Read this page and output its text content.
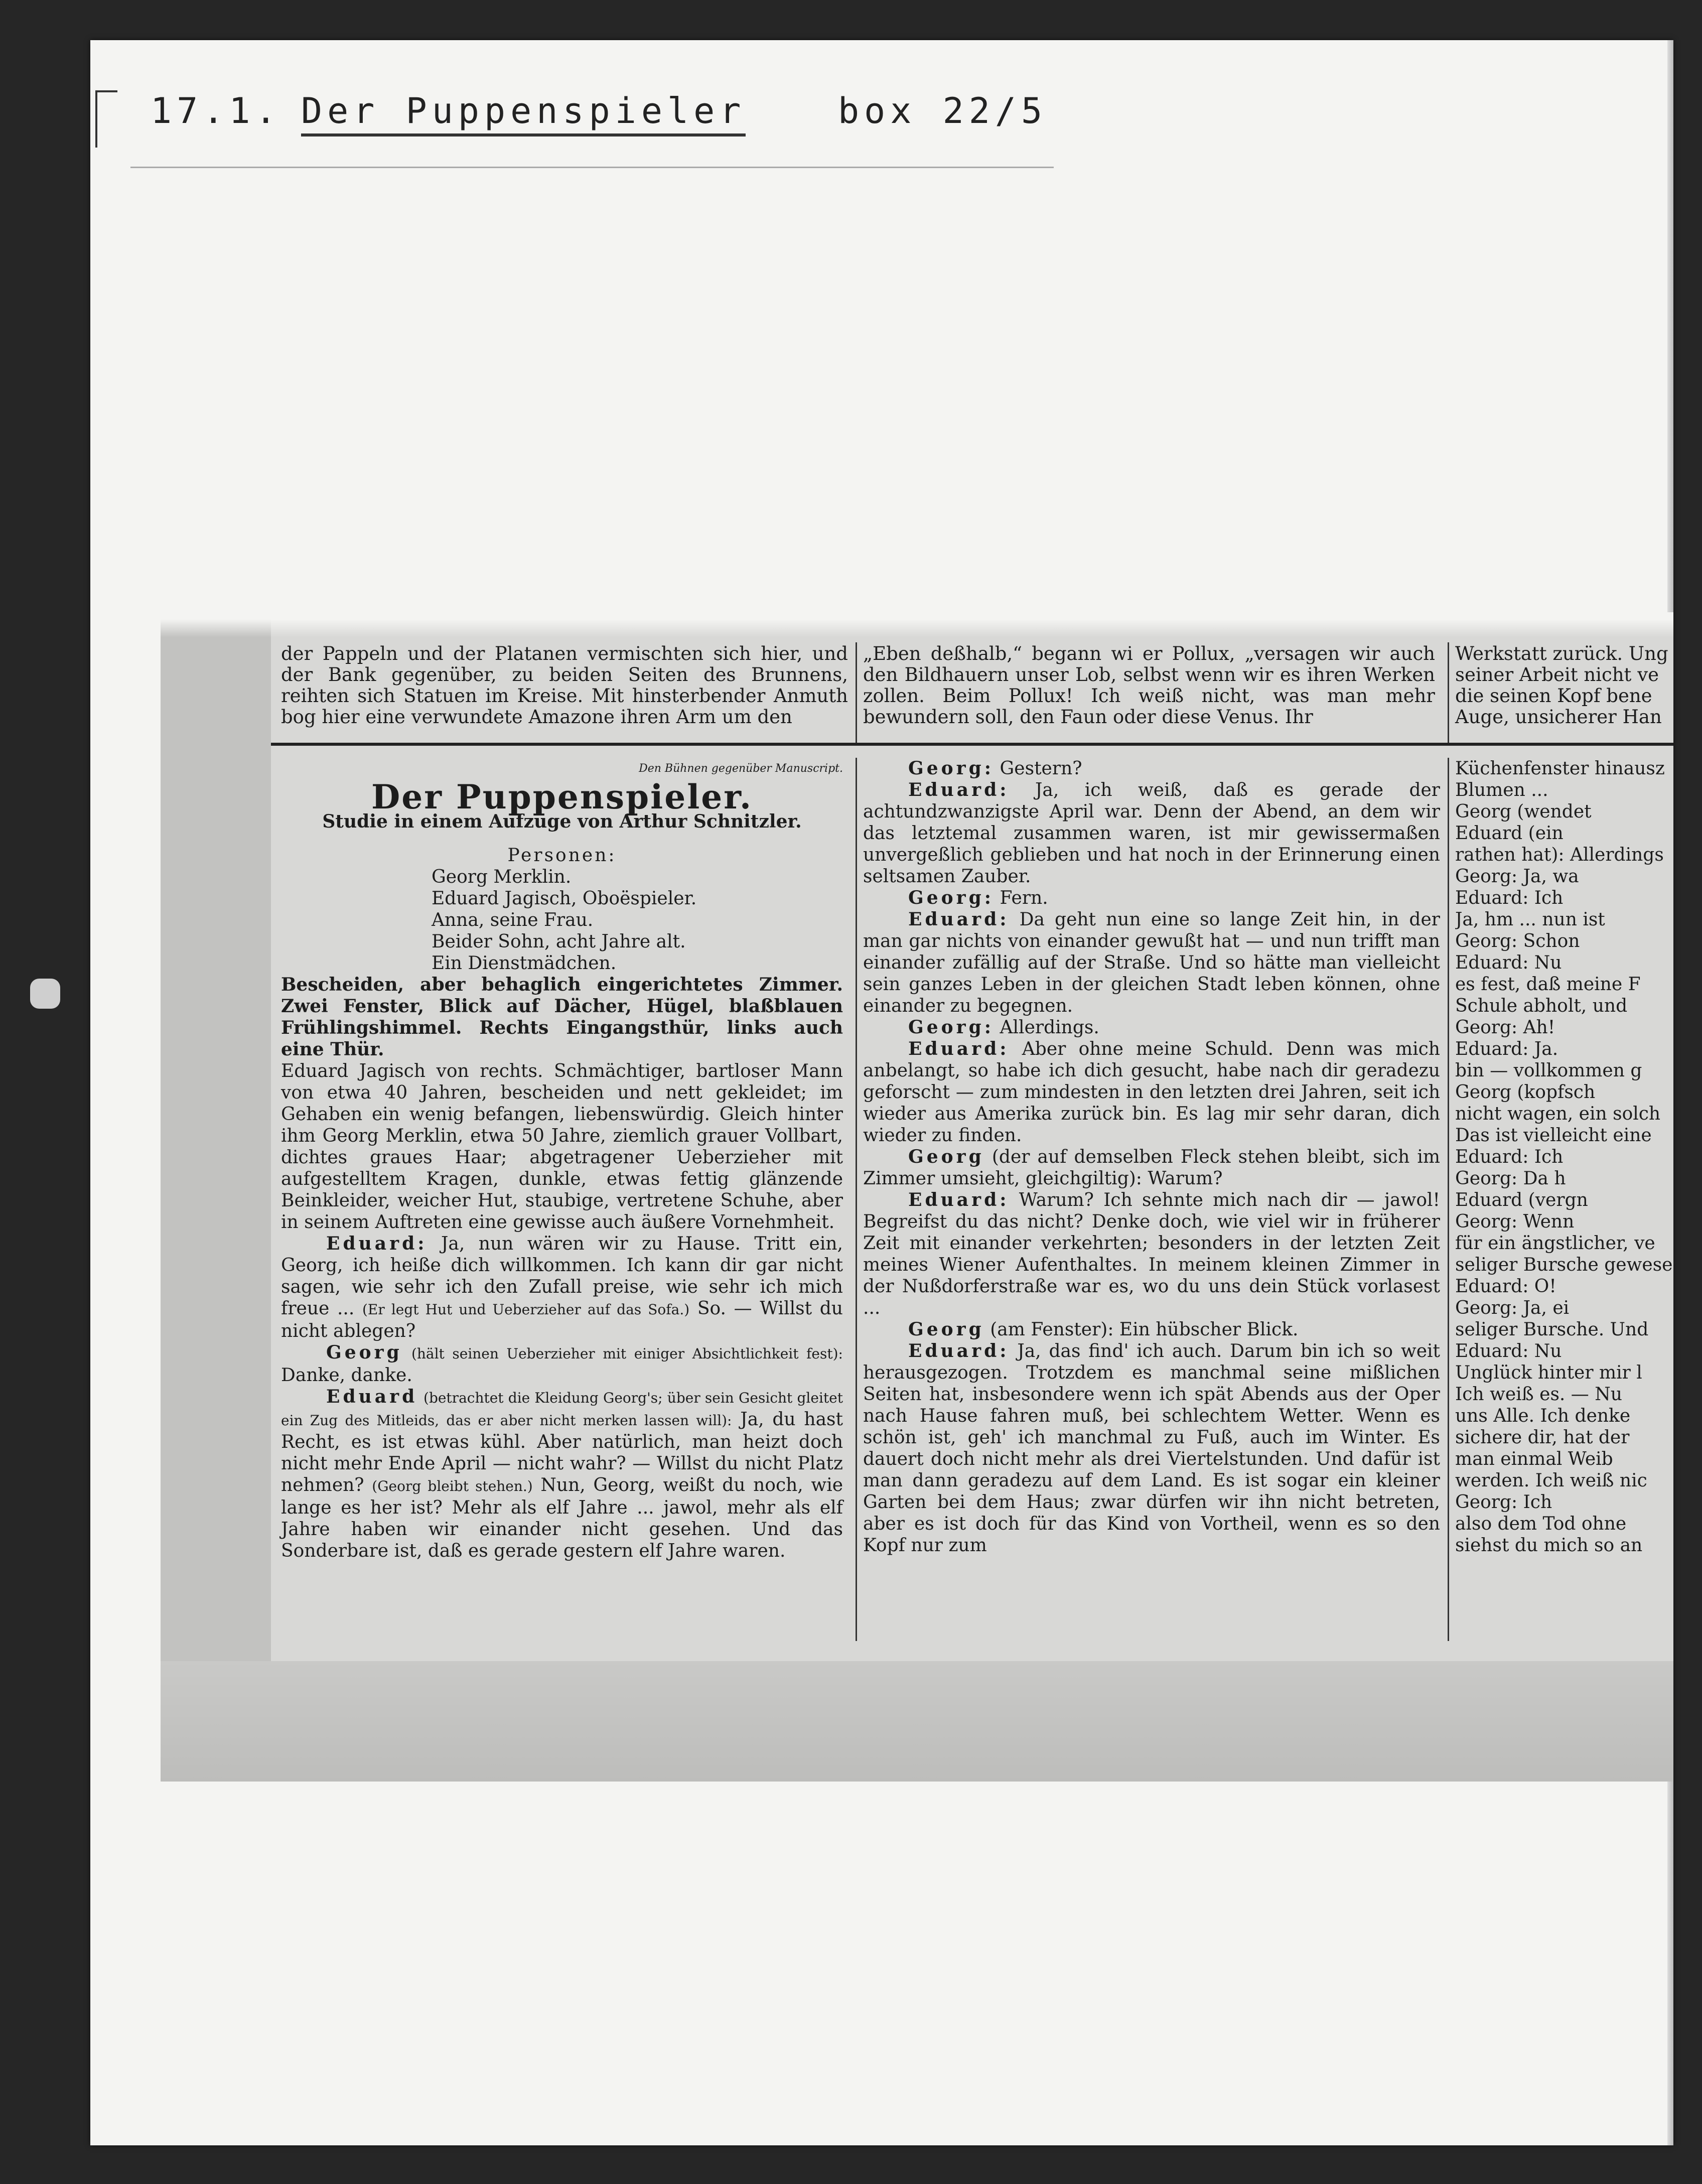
17.1. Der Puppenspieler	box 22/5

der Pappeln und der Platanen vermischten sich hier, und der Bank gegenüber, zu beiden Seiten des Brunnens, reihten sich Statuen im Kreise. Mit hinsterbender Anmuth bog hier eine verwundete Amazone ihren Arm um den

„Eben deßhalb,“ begann wi er Pollux, „versagen wir auch den Bildhauern unser Lob, selbst wenn wir es ihren Werken zollen. Beim Pollux! Ich weiß nicht, was man mehr bewundern soll, den Faun oder diese Venus. Ihr

Werkstatt zurück. Ung seiner Arbeit nicht ve die seinen Kopf bene Auge, unsicherer Han

Den Bühnen gegenüber Manuscript.
Der Puppenspieler.
Studie in einem Aufzuge von Arthur Schnitzler.
Personen:
Georg Merklin.
Eduard Jagisch, Oboëspieler.
Anna, seine Frau.
Beider Sohn, acht Jahre alt.
Ein Dienstmädchen.

Bescheiden, aber behaglich eingerichtetes Zimmer. Zwei Fenster, Blick auf Dächer, Hügel, blaßblauen Frühlingshimmel. Rechts Eingangsthür, links auch eine Thür.

Eduard Jagisch von rechts. Schmächtiger, bartloser Mann von etwa 40 Jahren, bescheiden und nett gekleidet; im Gehaben ein wenig befangen, liebenswürdig. Gleich hinter ihm Georg Merklin, etwa 50 Jahre, ziemlich grauer Vollbart, dichtes graues Haar; abgetragener Ueberzieher mit aufgestelltem Kragen, dunkle, etwas fettig glänzende Beinkleider, weicher Hut, staubige, vertretene Schuhe, aber in seinem Auftreten eine gewisse auch äußere Vornehmheit.

Eduard: Ja, nun wären wir zu Hause. Tritt ein, Georg, ich heiße dich willkommen. Ich kann dir gar nicht sagen, wie sehr ich den Zufall preise, wie sehr ich mich freue ... (Er legt Hut und Ueberzieher auf das Sofa.) So. — Willst du nicht ablegen?

Georg (hält seinen Ueberzieher mit einiger Absichtlichkeit fest): Danke, danke.

Eduard (betrachtet die Kleidung Georg's; über sein Gesicht gleitet ein Zug des Mitleids, das er aber nicht merken lassen will): Ja, du hast Recht, es ist etwas kühl. Aber natürlich, man heizt doch nicht mehr Ende April — nicht wahr? — Willst du nicht Platz nehmen? (Georg bleibt stehen.) Nun, Georg, weißt du noch, wie lange es her ist? Mehr als elf Jahre ... jawol, mehr als elf Jahre haben wir einander nicht gesehen. Und das Sonderbare ist, daß es gerade gestern elf Jahre waren.

Georg: Gestern?

Eduard: Ja, ich weiß, daß es gerade der achtundzwanzigste April war. Denn der Abend, an dem wir das letztemal zusammen waren, ist mir gewissermaßen unvergeßlich geblieben und hat noch in der Erinnerung einen seltsamen Zauber.

Georg: Fern.

Eduard: Da geht nun eine so lange Zeit hin, in der man gar nichts von einander gewußt hat — und nun trifft man einander zufällig auf der Straße. Und so hätte man vielleicht sein ganzes Leben in der gleichen Stadt leben können, ohne einander zu begegnen.

Georg: Allerdings.

Eduard: Aber ohne meine Schuld. Denn was mich anbelangt, so habe ich dich gesucht, habe nach dir geradezu geforscht — zum mindesten in den letzten drei Jahren, seit ich wieder aus Amerika zurück bin. Es lag mir sehr daran, dich wieder zu finden.

Georg (der auf demselben Fleck stehen bleibt, sich im Zimmer umsieht, gleichgiltig): Warum?

Eduard: Warum? Ich sehnte mich nach dir — jawol! Begreifst du das nicht? Denke doch, wie viel wir in früherer Zeit mit einander verkehrten; besonders in der letzten Zeit meines Wiener Aufenthaltes. In meinem kleinen Zimmer in der Nußdorferstraße war es, wo du uns dein Stück vorlasest ...

Georg (am Fenster): Ein hübscher Blick.

Eduard: Ja, das find' ich auch. Darum bin ich so weit herausgezogen. Trotzdem es manchmal seine mißlichen Seiten hat, insbesondere wenn ich spät Abends aus der Oper nach Hause fahren muß, bei schlechtem Wetter. Wenn es schön ist, geh' ich manchmal zu Fuß, auch im Winter. Es dauert doch nicht mehr als drei Viertelstunden. Und dafür ist man dann geradezu auf dem Land. Es ist sogar ein kleiner Garten bei dem Haus; zwar dürfen wir ihn nicht betreten, aber es ist doch für das Kind von Vortheil, wenn es so den Kopf nur zum

Küchenfenster hinausz
Blumen ...
Georg (wendet
Eduard (ein
rathen hat): Allerdings
Georg: Ja, wa
Eduard: Ich
Ja, hm ... nun ist
Georg: Schon
Eduard: Nu
es fest, daß meine F
Schule abholt, und
Georg: Ah!
Eduard: Ja.
bin — vollkommen g
Georg (kopfsch
nicht wagen, ein solch
Das ist vielleicht eine
Eduard: Ich
Georg: Da h
Eduard (vergn
Georg: Wenn
für ein ängstlicher, ve
seliger Bursche gewese
Eduard: O!
Georg: Ja, ei
seliger Bursche. Und
Eduard: Nu
Unglück hinter mir l
Ich weiß es. — Nu
uns Alle. Ich denke
sichere dir, hat der
man einmal Weib
werden. Ich weiß nic
Georg: Ich
also dem Tod ohne
siehst du mich so an
